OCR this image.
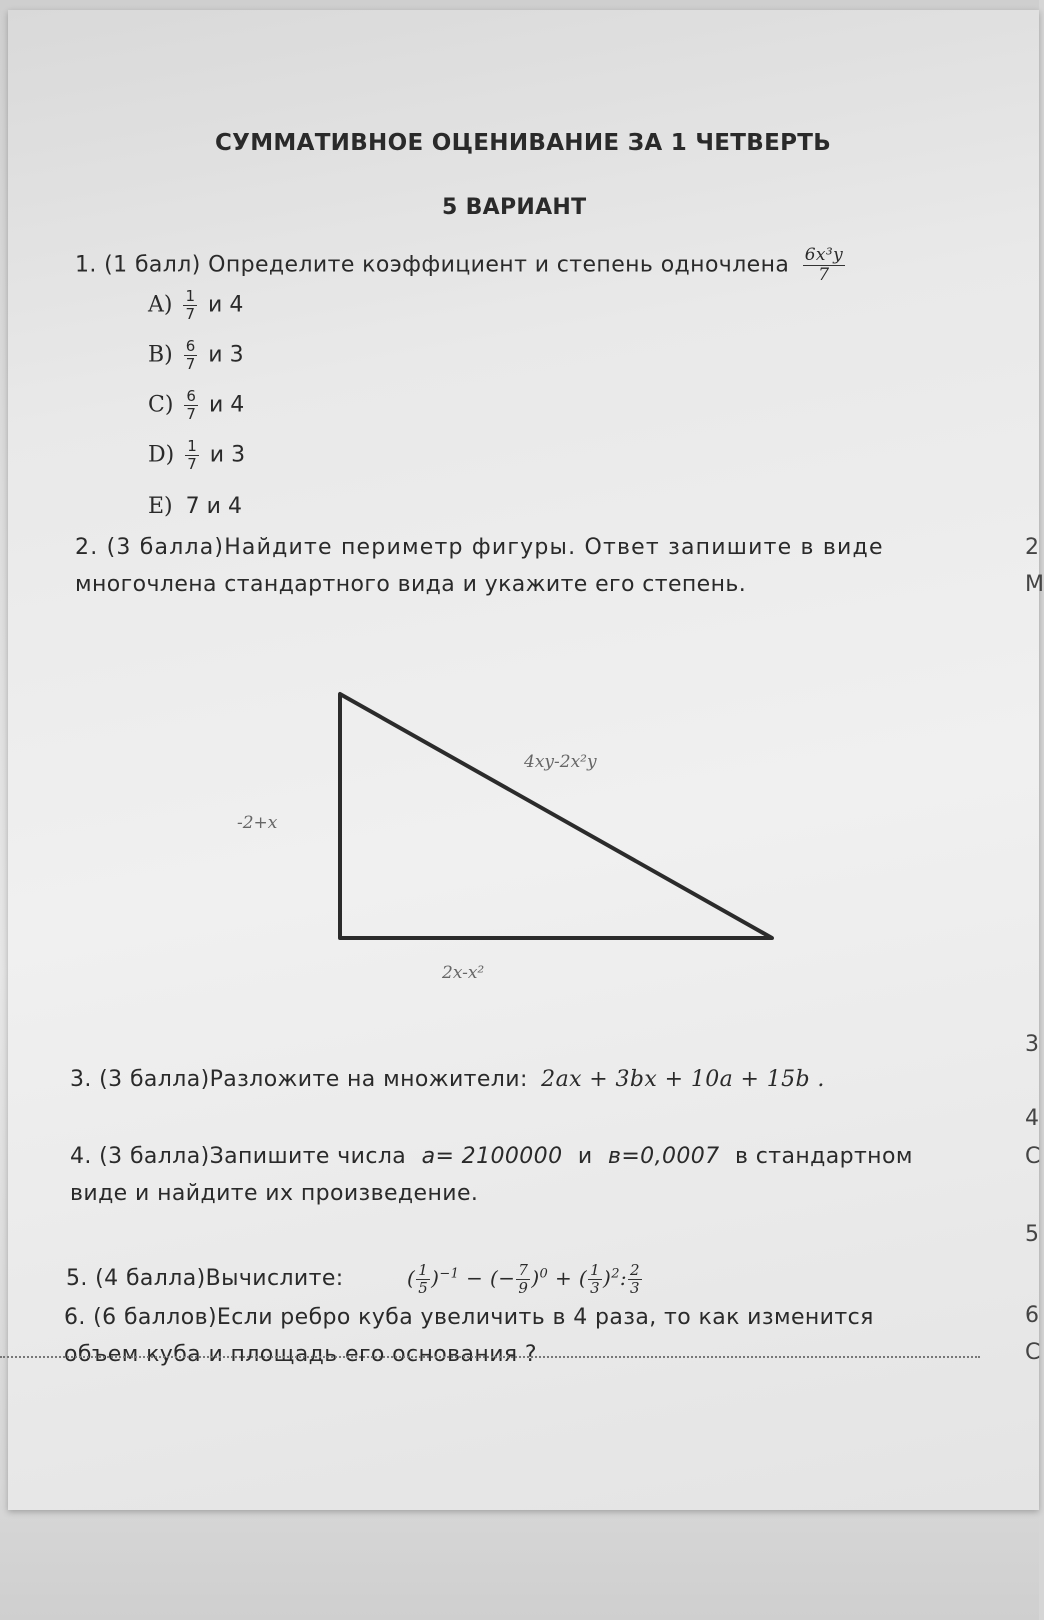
СУММАТИВНОЕ ОЦЕНИВАНИЕ ЗА 1 ЧЕТВЕРТЬ
5 ВАРИАНТ
1. (1 балл) Определите коэффициент и степень одночлена $\frac{\text{6x³y}}{7}$
$A) \frac{1}{7}$ и 4
$B) \frac{6}{7}$ и 3
$C) \frac{6}{7}$ и 4
$D) \frac{1}{7}$ и 3
E) 7 и 4
2. (3 балла)Найдите периметр фигуры. Ответ запишите в виде
многочлена стандартного вида и укажите его степень.
4xy-2x²y
-2+x
2x-x²
3. (3 балла)Разложите на множители: 2ax + 3bx + 10a + 15b .
4. (3 балла)Запишите числа a= 2100000 и в=0,0007 в стандартном
виде и найдите их произведение.
5. (4 балла)Вычислите:	( $\frac{1}{5} )^{-1}$ − (− $\frac{7}{9} )^0$ + ( $\frac{1}{3} )^2$: $\frac{2}{3}$
6. (6 баллов)Если ребро куба увеличить в 4 раза, то как изменится
объем куба и площадь его основания ?
2
М
3
4
С
5
6
С
